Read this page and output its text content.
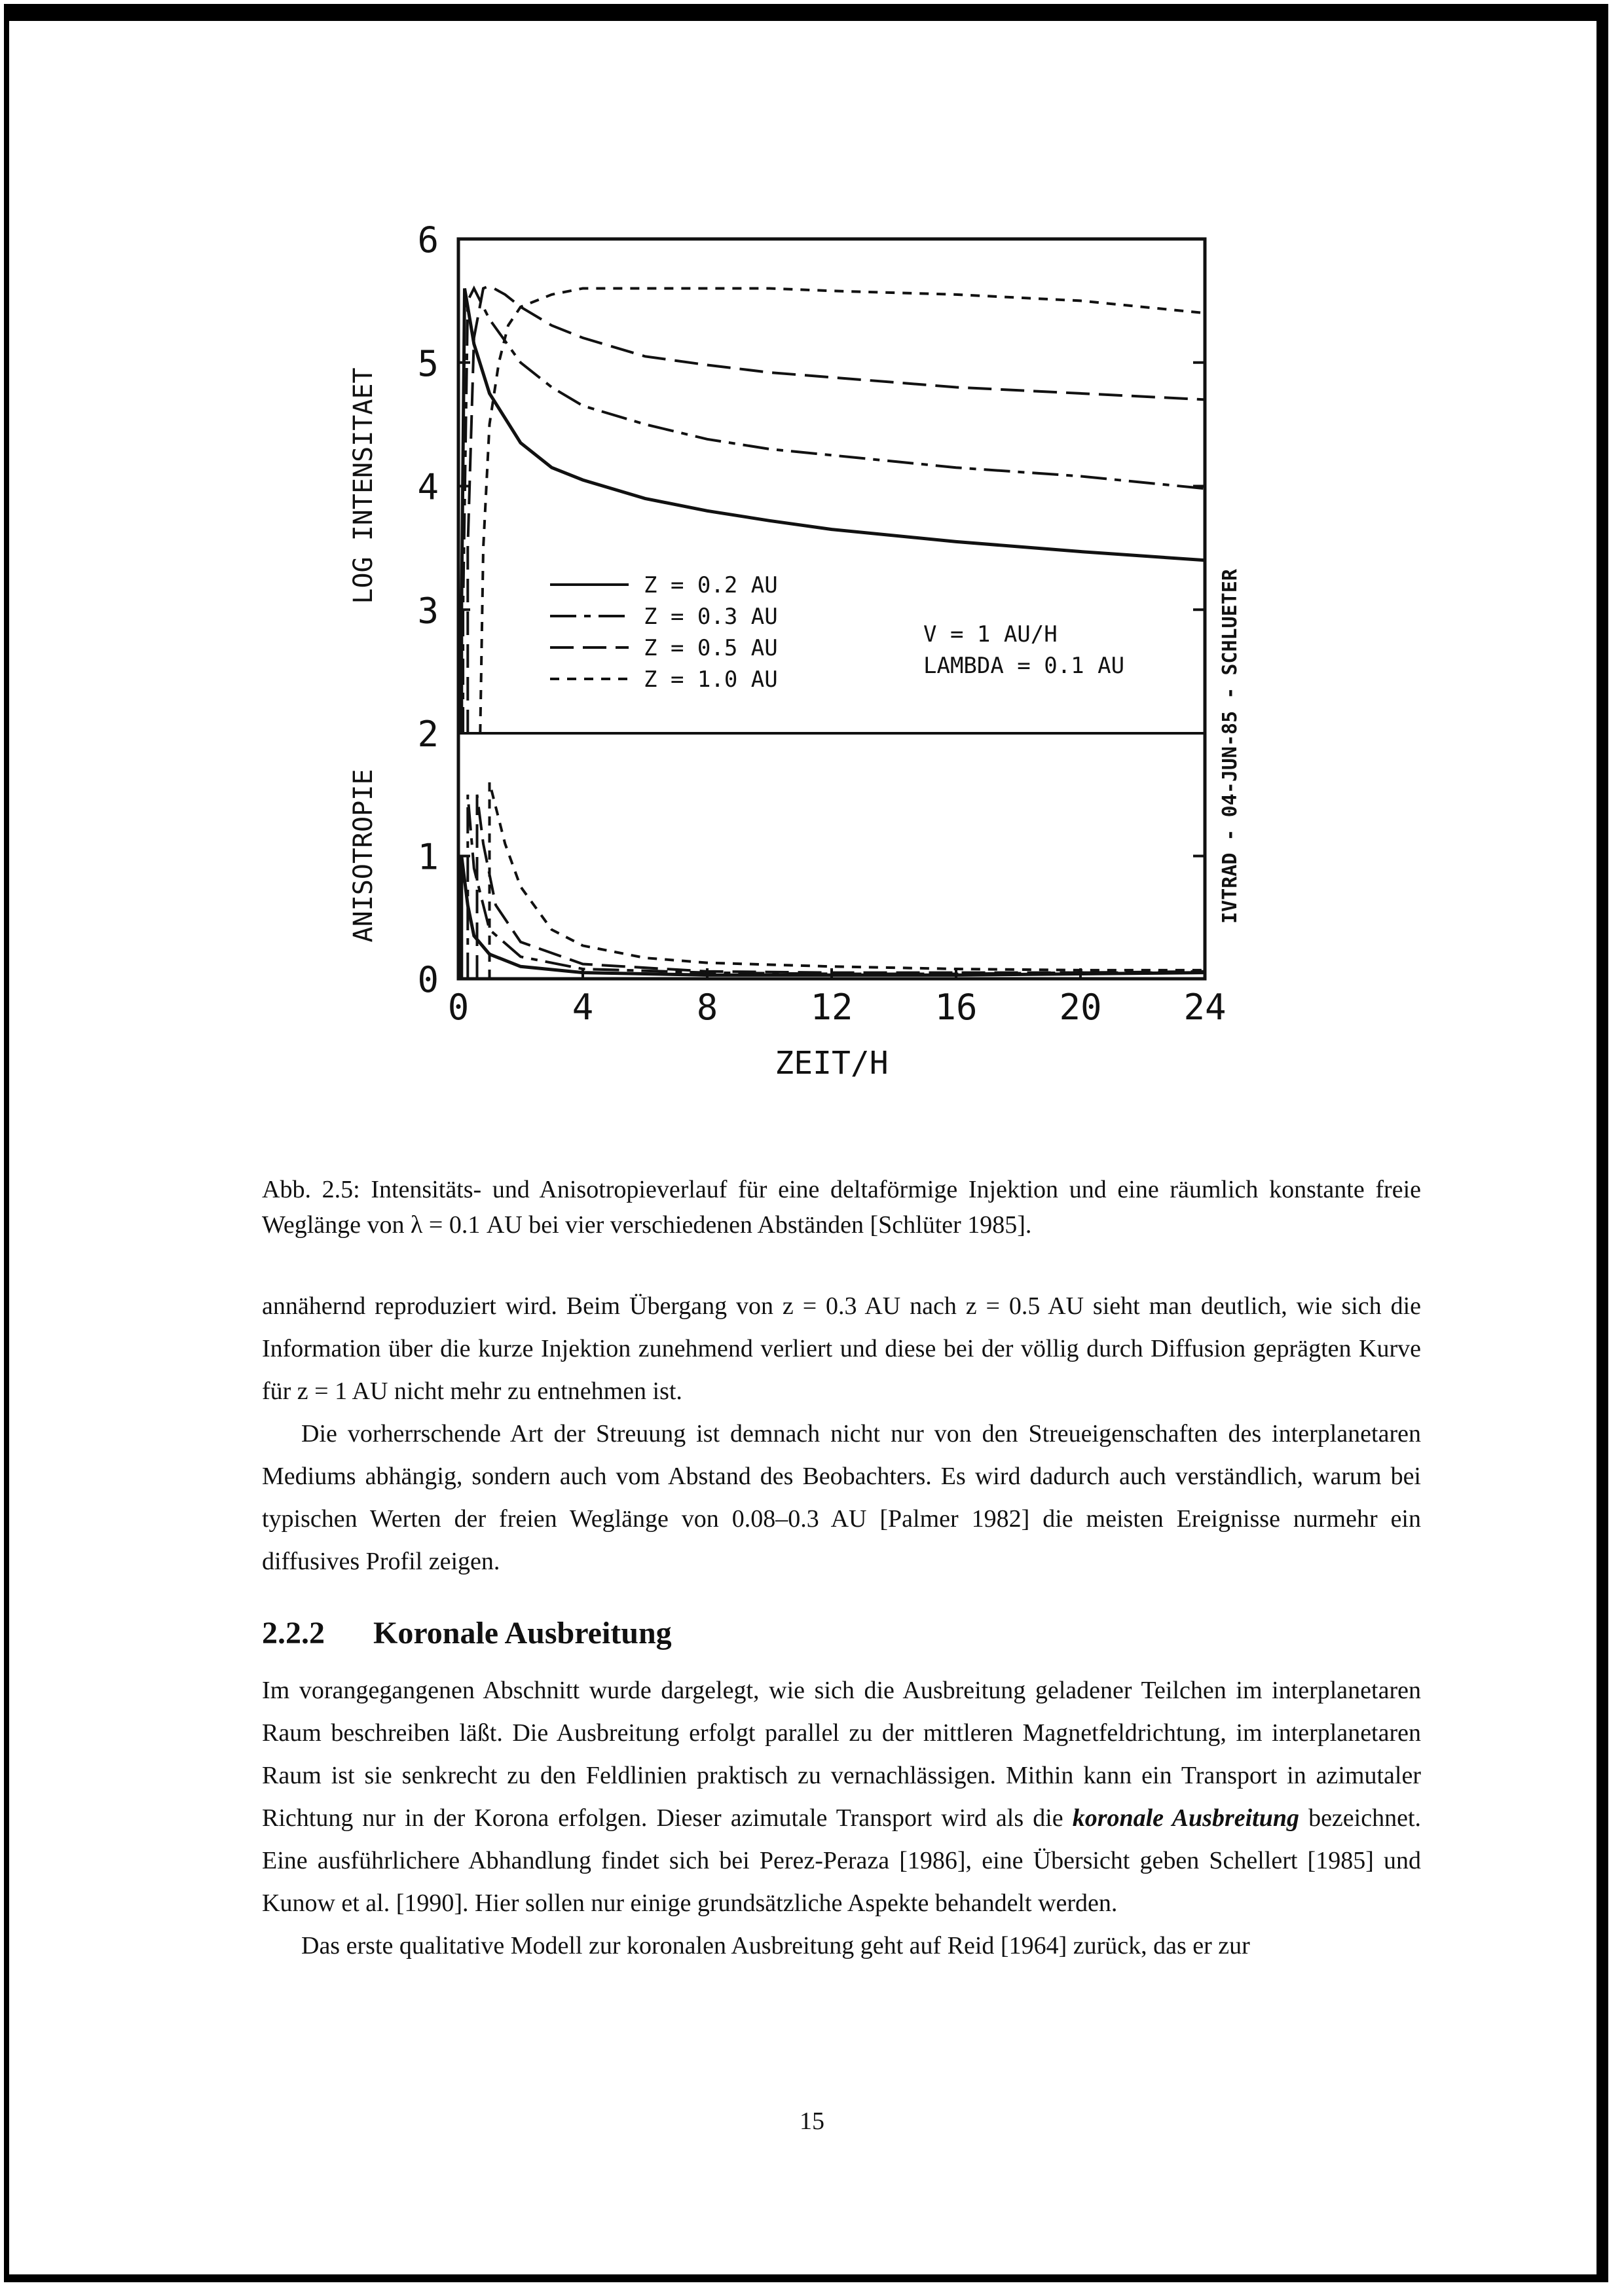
0	4	8	12 16 20 24
3
4
5
6
0
1
2
Z = 0.2 AU
Z = 0.3 AU
Z = 0.5 AU
Z = 1.0 AU
V = 1 AU/H
LAMBDA = 0.1 AU
LOG INTENSITAET
ANISOTROPIE
ZEIT/H
IVTRAD - 04-JUN-85 - SCHLUETER
Abb. 2.5: Intensitäts- und Anisotropieverlauf für eine deltaförmige Injektion und eine räumlich konstante freie Weglänge von λ = 0.1 AU bei vier verschiedenen Abständen [Schlüter 1985].

annähernd reproduziert wird. Beim Übergang von z = 0.3 AU nach z = 0.5 AU sieht man deutlich, wie sich die Information über die kurze Injektion zunehmend verliert und diese bei der völlig durch Diffusion geprägten Kurve für z = 1 AU nicht mehr zu entnehmen ist.

Die vorherrschende Art der Streuung ist demnach nicht nur von den Streueigenschaften des interplanetaren Mediums abhängig, sondern auch vom Abstand des Beobachters. Es wird dadurch auch verständlich, warum bei typischen Werten der freien Weglänge von 0.08–0.3 AU [Palmer 1982] die meisten Ereignisse nurmehr ein diffusives Profil zeigen.

2.2.2 Koronale Ausbreitung

Im vorangegangenen Abschnitt wurde dargelegt, wie sich die Ausbreitung geladener Teilchen im interplanetaren Raum beschreiben läßt. Die Ausbreitung erfolgt parallel zu der mittleren Magnetfeldrichtung, im interplanetaren Raum ist sie senkrecht zu den Feldlinien praktisch zu vernachlässigen. Mithin kann ein Transport in azimutaler Richtung nur in der Korona erfolgen. Dieser azimutale Transport wird als die koronale Ausbreitung bezeichnet. Eine ausführlichere Abhandlung findet sich bei Perez-Peraza [1986], eine Übersicht geben Schellert [1985] und Kunow et al. [1990]. Hier sollen nur einige grundsätzliche Aspekte behandelt werden.

Das erste qualitative Modell zur koronalen Ausbreitung geht auf Reid [1964] zurück, das er zur

15
